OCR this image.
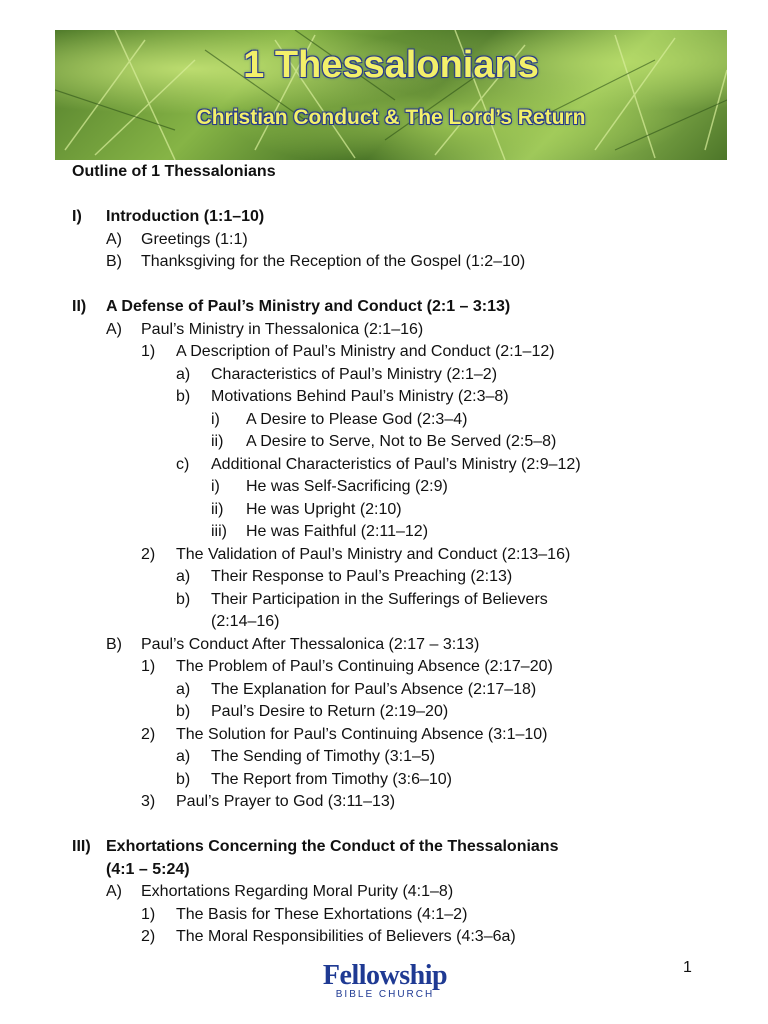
1 Thessalonians
Christian Conduct & The Lord’s Return
Outline of 1 Thessalonians
I) Introduction (1:1–10)
A) Greetings (1:1)
B) Thanksgiving for the Reception of the Gospel (1:2–10)
II) A Defense of Paul’s Ministry and Conduct (2:1 – 3:13)
A) Paul’s Ministry in Thessalonica (2:1–16)
1) A Description of Paul’s Ministry and Conduct (2:1–12)
a) Characteristics of Paul’s Ministry (2:1–2)
b) Motivations Behind Paul’s Ministry (2:3–8)
i) A Desire to Please God (2:3–4)
ii) A Desire to Serve, Not to Be Served (2:5–8)
c) Additional Characteristics of Paul’s Ministry (2:9–12)
i) He was Self-Sacrificing (2:9)
ii) He was Upright (2:10)
iii) He was Faithful (2:11–12)
2) The Validation of Paul’s Ministry and Conduct (2:13–16)
a) Their Response to Paul’s Preaching (2:13)
b) Their Participation in the Sufferings of Believers
(2:14–16)
B) Paul’s Conduct After Thessalonica (2:17 – 3:13)
1) The Problem of Paul’s Continuing Absence (2:17–20)
a) The Explanation for Paul’s Absence (2:17–18)
b) Paul’s Desire to Return (2:19–20)
2) The Solution for Paul’s Continuing Absence (3:1–10)
a) The Sending of Timothy (3:1–5)
b) The Report from Timothy (3:6–10)
3) Paul’s Prayer to God (3:11–13)
III) Exhortations Concerning the Conduct of the Thessalonians
(4:1 – 5:24)
A) Exhortations Regarding Moral Purity (4:1–8)
1) The Basis for These Exhortations (4:1–2)
2) The Moral Responsibilities of Believers (4:3–6a)
Fellowship
BIBLE CHURCH
1
